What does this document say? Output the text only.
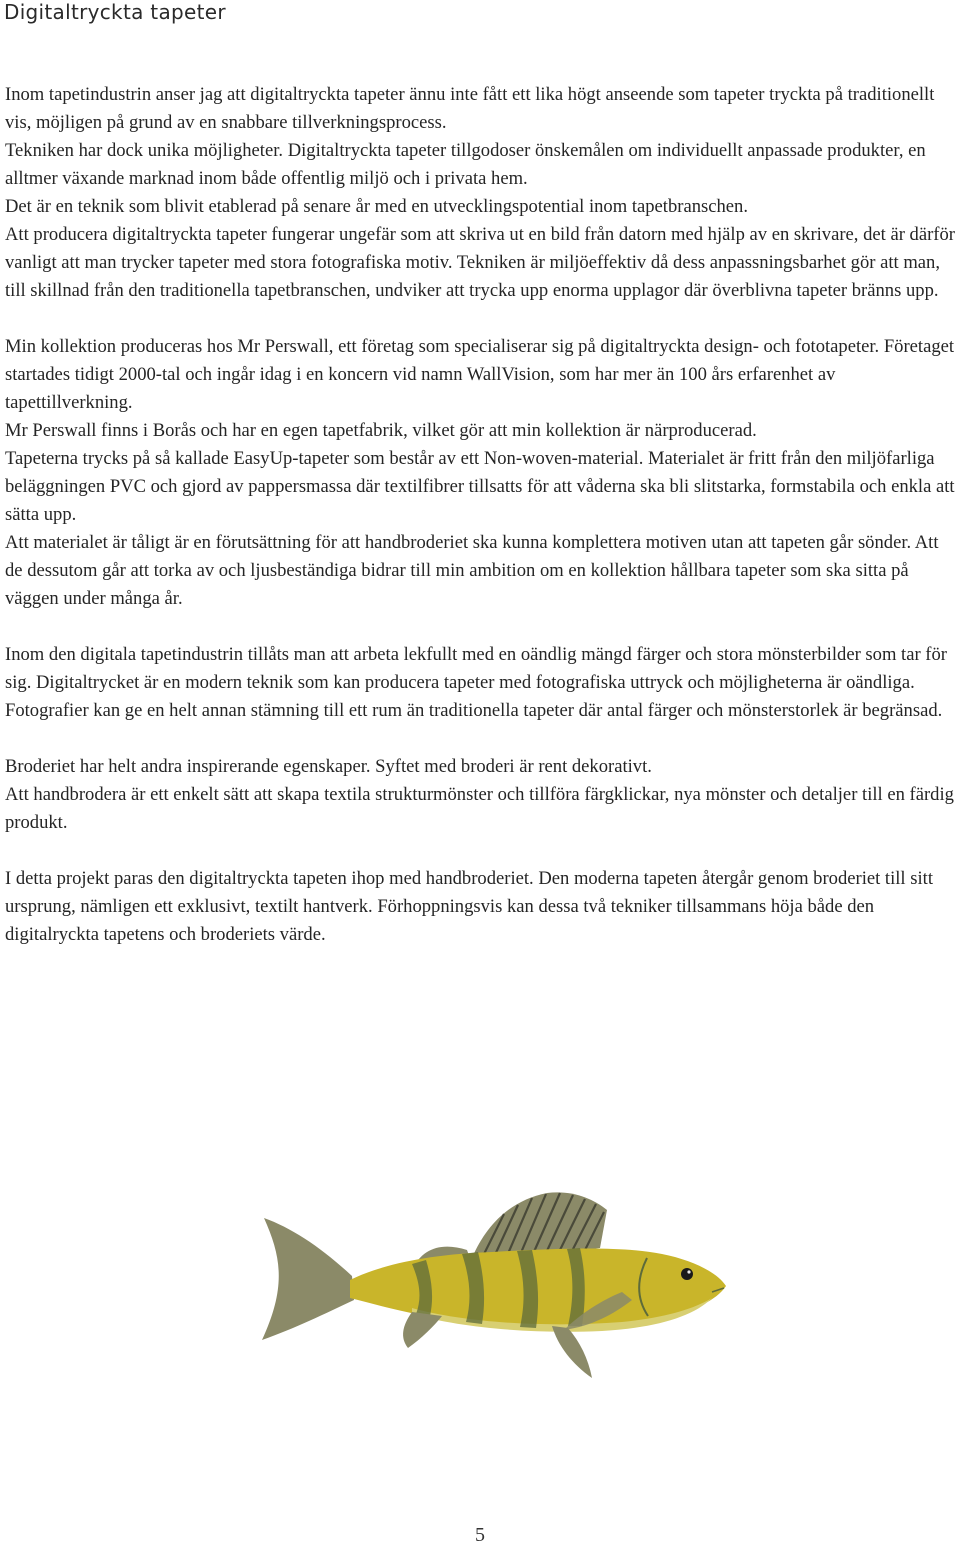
Digitaltryckta tapeter

Inom tapetindustrin anser jag att digitaltryckta tapeter ännu inte fått ett lika högt anseende som tapeter tryckta på traditionellt vis, möjligen på grund av en snabbare tillverkningsprocess.

Tekniken har dock unika möjligheter. Digitaltryckta tapeter tillgodoser önskemålen om individuellt anpassade produkter, en alltmer växande marknad inom både offentlig miljö och i privata hem.

Det är en teknik som blivit etablerad på senare år med en utvecklingspotential inom tapetbranschen.

Att producera digitaltryckta tapeter fungerar ungefär som att skriva ut en bild från datorn med hjälp av en skrivare, det är därför vanligt att man trycker tapeter med stora fotografiska motiv. Tekniken är miljöeffektiv då dess anpassningsbarhet gör att man, till skillnad från den traditionella tapetbranschen, undviker att trycka upp enorma upplagor där överblivna tapeter bränns upp.

Min kollektion produceras hos Mr Perswall, ett företag som specialiserar sig på digitaltryckta design- och fototapeter. Företaget startades tidigt 2000-tal och ingår idag i en koncern vid namn WallVision, som har mer än 100 års erfarenhet av tapettillverkning.

Mr Perswall finns i Borås och har en egen tapetfabrik, vilket gör att min kollektion är närproducerad.

Tapeterna trycks på så kallade EasyUp-tapeter som består av ett Non-woven-material. Materialet är fritt från den miljöfarliga beläggningen PVC och gjord av pappersmassa där textilfibrer tillsatts för att våderna ska bli slitstarka, formstabila och enkla att sätta upp.

Att materialet är tåligt är en förutsättning för att handbroderiet ska kunna komplettera motiven utan att tapeten går sönder. Att de dessutom går att torka av och ljusbeständiga bidrar till min ambition om en kollektion hållbara tapeter som ska sitta på väggen under många år.

Inom den digitala tapetindustrin tillåts man att arbeta lekfullt med en oändlig mängd färger och stora mönsterbilder som tar för sig. Digitaltrycket är en modern teknik som kan producera tapeter med fotografiska uttryck och möjligheterna är oändliga. Fotografier kan ge en helt annan stämning till ett rum än traditionella tapeter där antal färger och mönsterstorlek är begränsad.

Broderiet har helt andra inspirerande egenskaper. Syftet med broderi är rent dekorativt.

Att handbrodera är ett enkelt sätt att skapa textila strukturmönster och tillföra färgklickar, nya mönster och detaljer till en färdig produkt.

I detta projekt paras den digitaltryckta tapeten ihop med handbroderiet. Den moderna tapeten återgår genom broderiet till sitt ursprung, nämligen ett exklusivt, textilt hantverk. Förhoppningsvis kan dessa två tekniker tillsammans höja både den digitalryckta tapetens och broderiets värde.

5
